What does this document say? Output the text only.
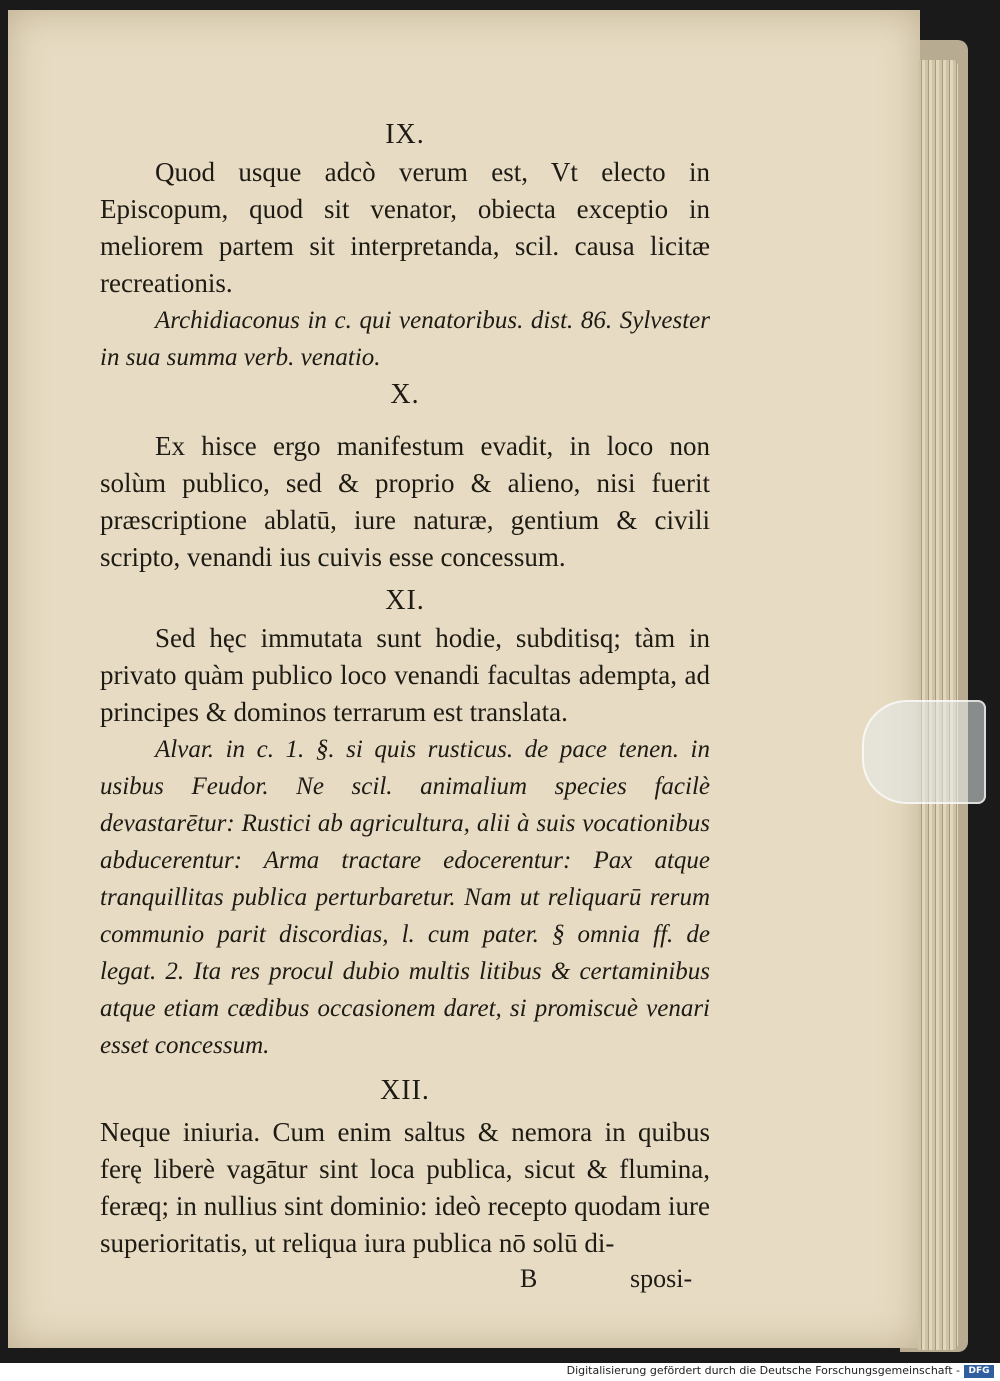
IX.

Quod usque adcò verum est, Vt electo in Episcopum, quod sit venator, obiecta exceptio in meliorem partem sit interpretanda, scil. causa licitæ recreationis.

Archidiaconus in c. qui venatoribus. dist. 86. Sylvester in sua summa verb. venatio.

X.

Ex hisce ergo manifestum evadit, in loco non solùm publico, sed & proprio & alieno, nisi fuerit præscriptione ablatū, iure naturæ, gentium & civili scripto, venandi ius cuivis esse concessum.

XI.

Sed hęc immutata sunt hodie, subditisq; tàm in privato quàm publico loco venandi facultas adempta, ad principes & dominos terrarum est translata.

Alvar. in c. 1. §. si quis rusticus. de pace tenen. in usibus Feudor. Ne scil. animalium species facilè devastarētur: Rustici ab agricultura, alii à suis vocationibus abducerentur: Arma tractare edocerentur: Pax atque tranquillitas publica perturbaretur. Nam ut reliquarū rerum communio parit discordias, l. cum pater. § omnia ff. de legat. 2. Ita res procul dubio multis litibus & certaminibus atque etiam cædibus occasionem daret, si promiscuè venari esset concessum.

XII.

Neque iniuria. Cum enim saltus & nemora in quibus ferę liberè vagātur sint loca publica, sicut & flumina, feræq; in nullius sint dominio: ideò recepto quodam iure superioritatis, ut reliqua iura publica nō solū di-

B	sposi-
Digitalisierung gefördert durch die Deutsche Forschungsgemeinschaft - DFG
